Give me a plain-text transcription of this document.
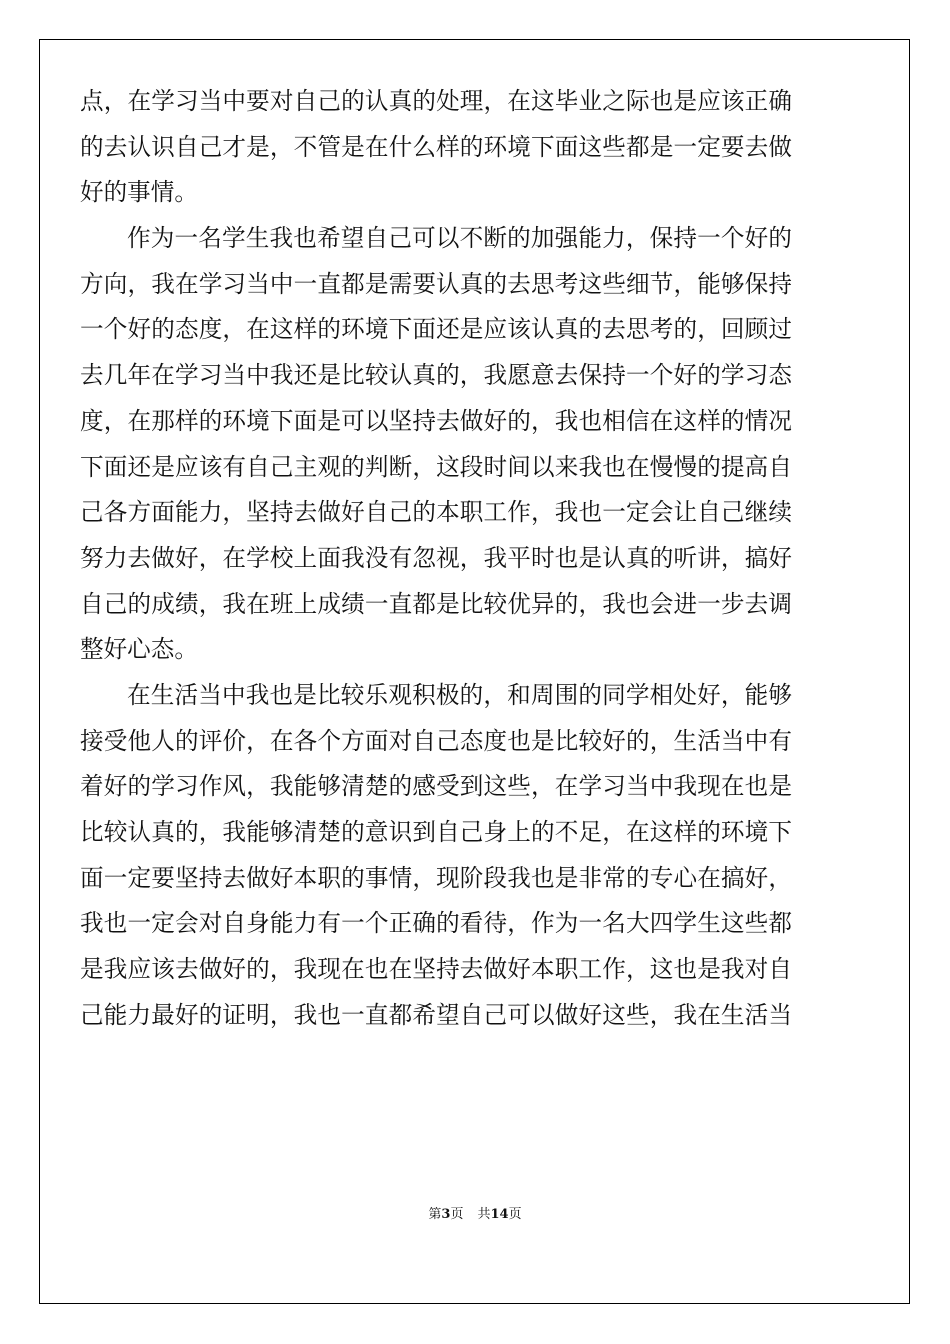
点，在学习当中要对自己的认真的处理，在这毕业之际也是应该正确
的去认识自己才是，不管是在什么样的环境下面这些都是一定要去做
好的事情。
作为一名学生我也希望自己可以不断的加强能力，保持一个好的
方向，我在学习当中一直都是需要认真的去思考这些细节，能够保持
一个好的态度，在这样的环境下面还是应该认真的去思考的，回顾过
去几年在学习当中我还是比较认真的，我愿意去保持一个好的学习态
度，在那样的环境下面是可以坚持去做好的，我也相信在这样的情况
下面还是应该有自己主观的判断，这段时间以来我也在慢慢的提高自
己各方面能力，坚持去做好自己的本职工作，我也一定会让自己继续
努力去做好，在学校上面我没有忽视，我平时也是认真的听讲，搞好
自己的成绩，我在班上成绩一直都是比较优异的，我也会进一步去调
整好心态。
在生活当中我也是比较乐观积极的，和周围的同学相处好，能够
接受他人的评价，在各个方面对自己态度也是比较好的，生活当中有
着好的学习作风，我能够清楚的感受到这些，在学习当中我现在也是
比较认真的，我能够清楚的意识到自己身上的不足，在这样的环境下
面一定要坚持去做好本职的事情，现阶段我也是非常的专心在搞好，
我也一定会对自身能力有一个正确的看待，作为一名大四学生这些都
是我应该去做好的，我现在也在坚持去做好本职工作，这也是我对自
己能力最好的证明，我也一直都希望自己可以做好这些，我在生活当
第3页 共14页
